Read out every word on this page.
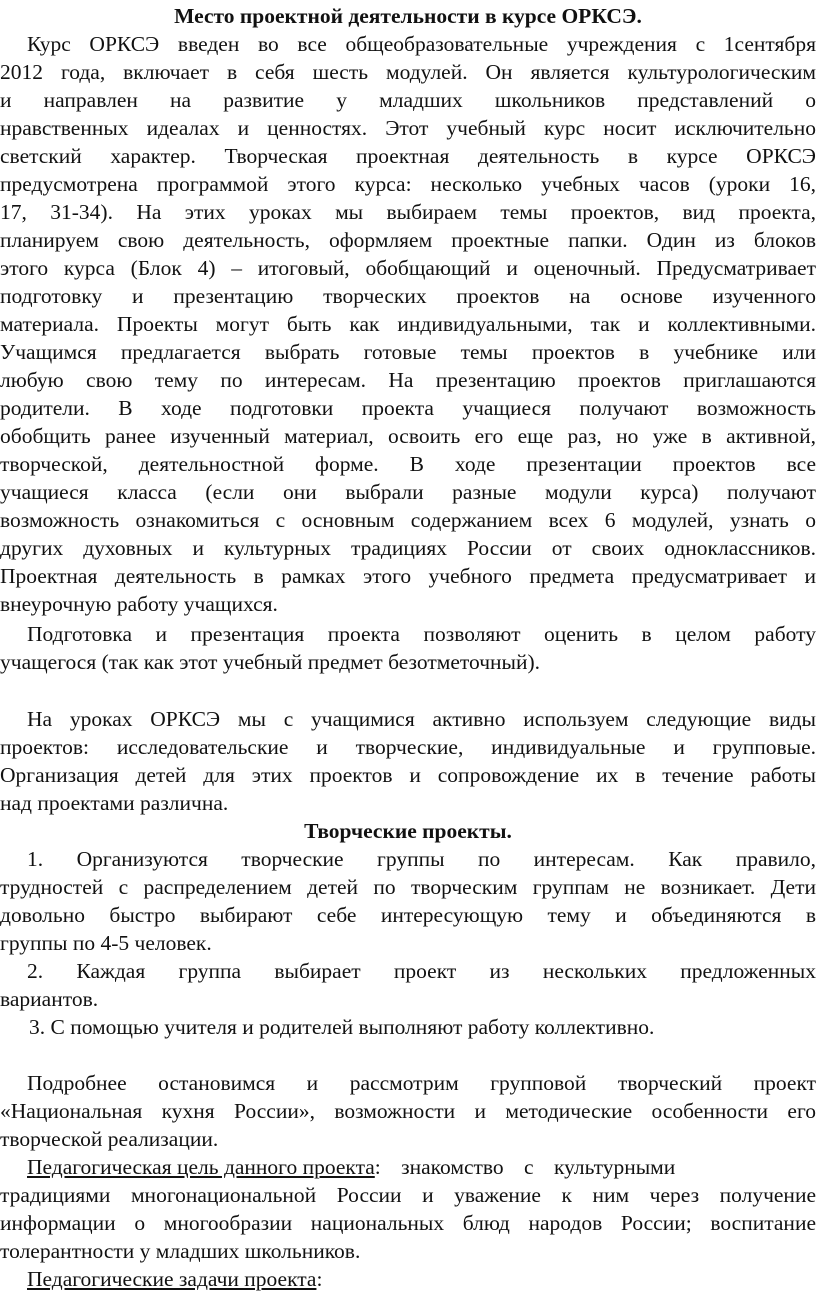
Место проектной деятельности в курсе ОРКСЭ.
Курс ОРКСЭ введен во все общеобразовательные учреждения с 1сентября
2012 года, включает в себя шесть модулей. Он является культурологическим
и направлен на развитие у младших школьников представлений о
нравственных идеалах и ценностях. Этот учебный курс носит исключительно
светский характер. Творческая проектная деятельность в курсе ОРКСЭ
предусмотрена программой этого курса: несколько учебных часов (уроки 16,
17, 31-34). На этих уроках мы выбираем темы проектов, вид проекта,
планируем свою деятельность, оформляем проектные папки. Один из блоков
этого курса (Блок 4) – итоговый, обобщающий и оценочный. Предусматривает
подготовку и презентацию творческих проектов на основе изученного
материала. Проекты могут быть как индивидуальными, так и коллективными.
Учащимся предлагается выбрать готовые темы проектов в учебнике или
любую свою тему по интересам. На презентацию проектов приглашаются
родители. В ходе подготовки проекта учащиеся получают возможность
обобщить ранее изученный материал, освоить его еще раз, но уже в активной,
творческой, деятельностной форме. В ходе презентации проектов все
учащиеся класса (если они выбрали разные модули курса) получают
возможность ознакомиться с основным содержанием всех 6 модулей, узнать о
других духовных и культурных традициях России от своих одноклассников.
Проектная деятельность в рамках этого учебного предмета предусматривает и
внеурочную работу учащихся.
Подготовка и презентация проекта позволяют оценить в целом работу
учащегося (так как этот учебный предмет безотметочный).
На уроках ОРКСЭ мы с учащимися активно используем следующие виды
проектов: исследовательские и творческие, индивидуальные и групповые.
Организация детей для этих проектов и сопровождение их в течение работы
над проектами различна.
Творческие проекты.
1. Организуются творческие группы по интересам. Как правило,
трудностей с распределением детей по творческим группам не возникает. Дети
довольно быстро выбирают себе интересующую тему и объединяются в
группы по 4-5 человек.
2. Каждая группа выбирает проект из нескольких предложенных
вариантов.
3. С помощью учителя и родителей выполняют работу коллективно.
Подробнее остановимся и рассмотрим групповой творческий проект
«Национальная кухня России», возможности и методические особенности его
творческой реализации.
Педагогическая цель данного проекта: знакомство с культурными
традициями многонациональной России и уважение к ним через получение
информации о многообразии национальных блюд народов России; воспитание
толерантности у младших школьников.
Педагогические задачи проекта:
